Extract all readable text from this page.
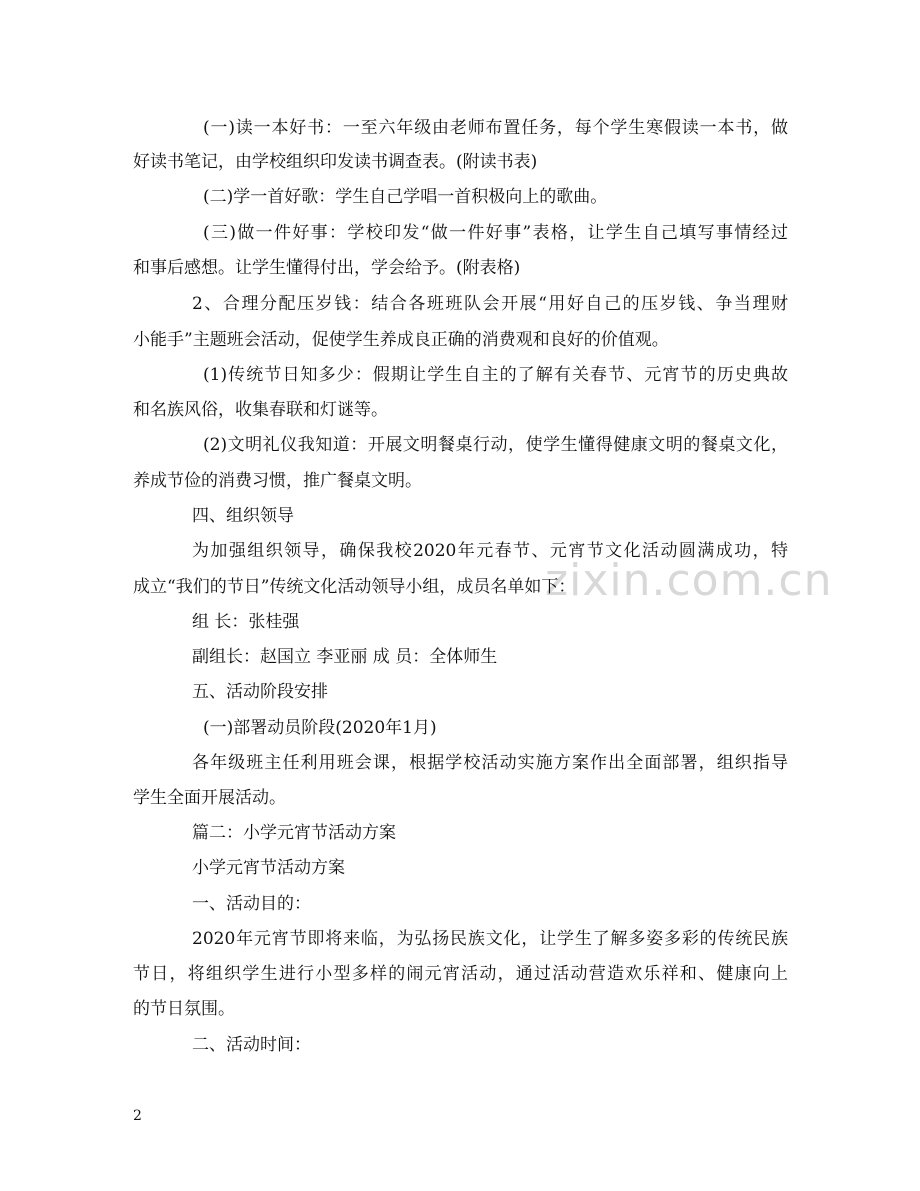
zixin.com.cn
(一)读一本好书：一至六年级由老师布置任务，每个学生寒假读一本书，做
好读书笔记，由学校组织印发读书调查表。(附读书表)
(二)学一首好歌：学生自己学唱一首积极向上的歌曲。
(三)做一件好事：学校印发“做一件好事”表格，让学生自己填写事情经过
和事后感想。让学生懂得付出，学会给予。(附表格)
2、合理分配压岁钱：结合各班班队会开展“用好自己的压岁钱、争当理财
小能手”主题班会活动，促使学生养成良正确的消费观和良好的价值观。
(1)传统节日知多少：假期让学生自主的了解有关春节、元宵节的历史典故
和名族风俗，收集春联和灯谜等。
(2)文明礼仪我知道：开展文明餐桌行动，使学生懂得健康文明的餐桌文化，
养成节俭的消费习惯，推广餐桌文明。
四、组织领导
为加强组织领导，确保我校2020年元春节、元宵节文化活动圆满成功，特
成立“我们的节日”传统文化活动领导小组，成员名单如下：
组 长：张桂强
副组长：赵国立 李亚丽 成 员：全体师生
五、活动阶段安排
(一)部署动员阶段(2020年1月)
各年级班主任利用班会课，根据学校活动实施方案作出全面部署，组织指导
学生全面开展活动。
篇二：小学元宵节活动方案
小学元宵节活动方案
一、活动目的：
2020年元宵节即将来临，为弘扬民族文化，让学生了解多姿多彩的传统民族
节日，将组织学生进行小型多样的闹元宵活动，通过活动营造欢乐祥和、健康向上
的节日氛围。
二、活动时间：
2
